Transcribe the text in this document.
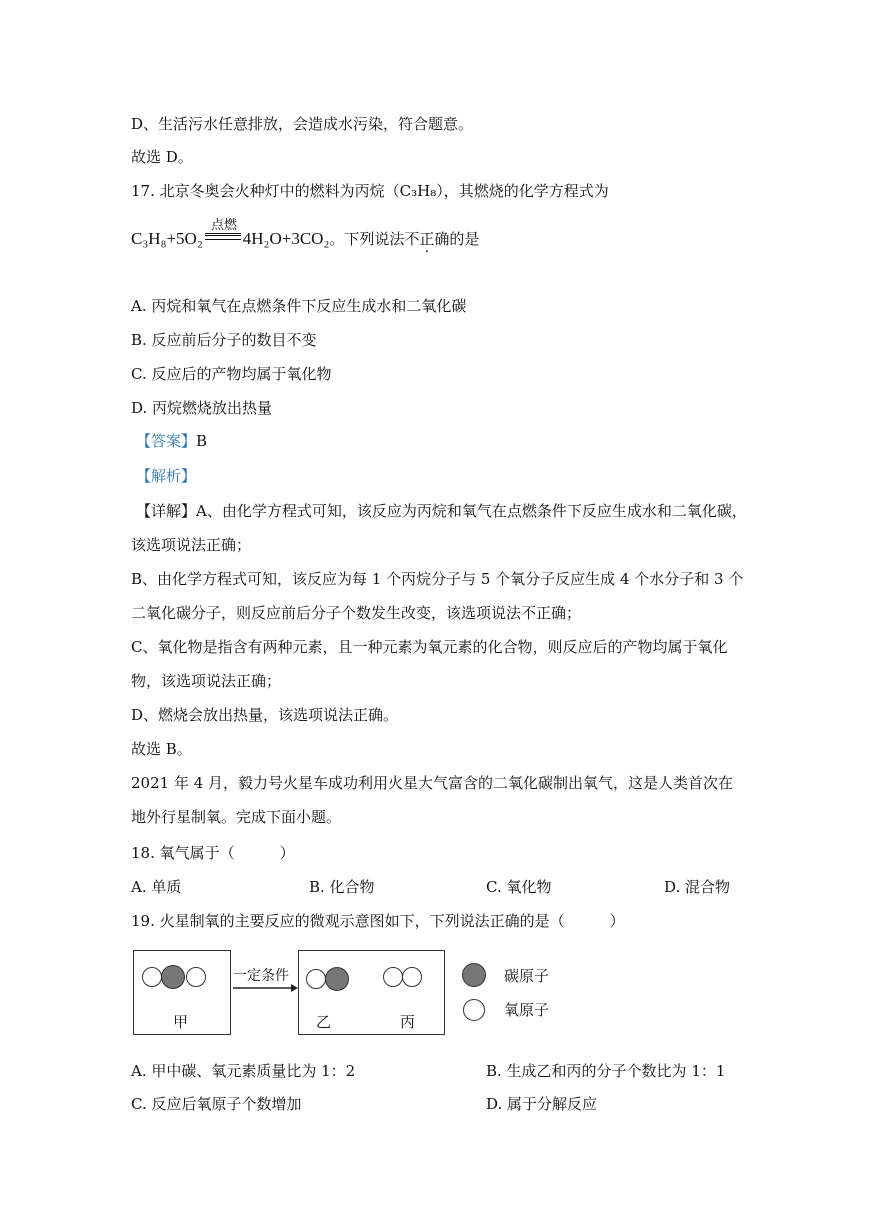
D、生活污水任意排放，会造成水污染，符合题意。
故选 D。
17. 北京冬奥会火种灯中的燃料为丙烷（C₃H₈），其燃烧的化学方程式为
点燃
C₃H₈+5O₂ 4H₂O+3CO₂。下列说法不正确的是
A. 丙烷和氧气在点燃条件下反应生成水和二氧化碳
B. 反应前后分子的数目不变
C. 反应后的产物均属于氧化物
D. 丙烷燃烧放出热量
【答案】B
【解析】
【详解】A、由化学方程式可知，该反应为丙烷和氧气在点燃条件下反应生成水和二氧化碳，
该选项说法正确；
B、由化学方程式可知，该反应为每 1 个丙烷分子与 5 个氧分子反应生成 4 个水分子和 3 个
二氧化碳分子，则反应前后分子个数发生改变，该选项说法不正确；
C、氧化物是指含有两种元素，且一种元素为氧元素的化合物，则反应后的产物均属于氧化
物，该选项说法正确；
D、燃烧会放出热量，该选项说法正确。
故选 B。
2021 年 4 月，毅力号火星车成功利用火星大气富含的二氧化碳制出氧气，这是人类首次在
地外行星制氧。完成下面小题。
18. 氧气属于（　　　）
A. 单质	B. 化合物	C. 氧化物	D. 混合物
19. 火星制氧的主要反应的微观示意图如下，下列说法正确的是（　　　）
甲
一定条件
乙	丙
碳原子
氧原子
A. 甲中碳、氧元素质量比为 1：2	B. 生成乙和丙的分子个数比为 1：1
C. 反应后氧原子个数增加	D. 属于分解反应
